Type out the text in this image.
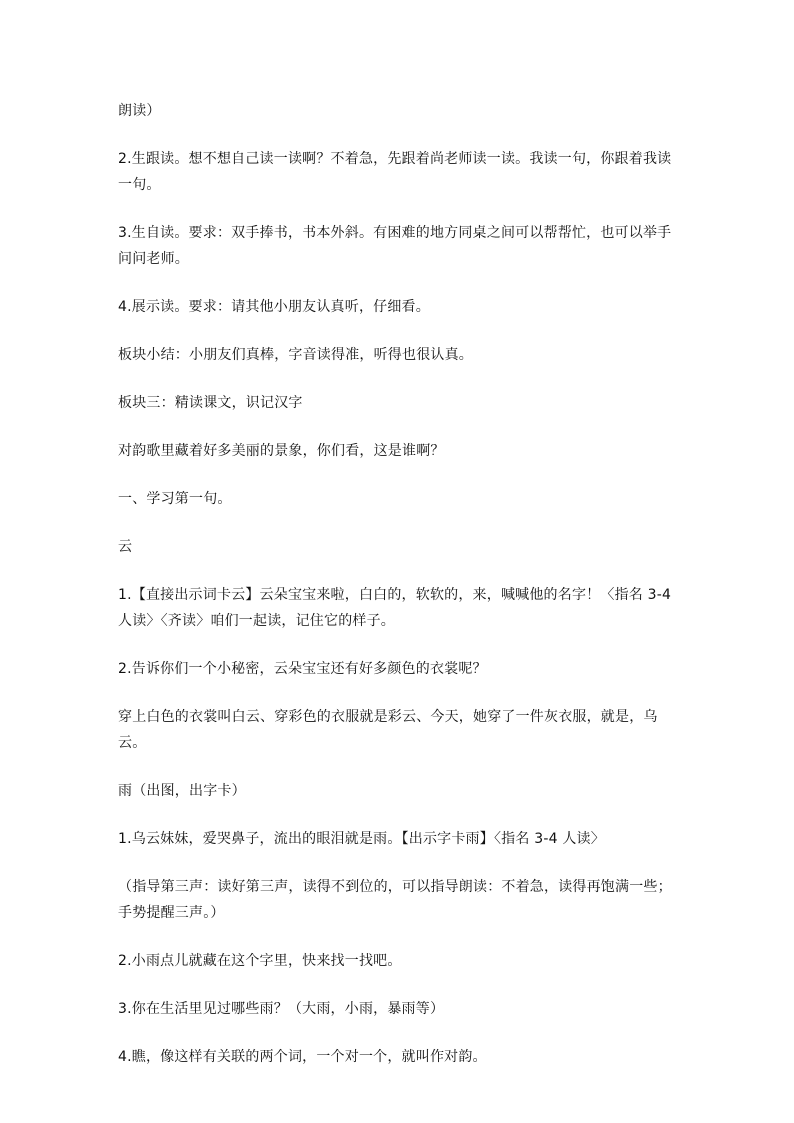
朗读）

2.生跟读。想不想自己读一读啊？不着急，先跟着尚老师读一读。我读一句，你跟着我读一句。

3.生自读。要求：双手捧书，书本外斜。有困难的地方同桌之间可以帮帮忙，也可以举手问问老师。

4.展示读。要求：请其他小朋友认真听，仔细看。

板块小结：小朋友们真棒，字音读得准，听得也很认真。

板块三：精读课文，识记汉字

对韵歌里藏着好多美丽的景象，你们看，这是谁啊？

一、学习第一句。

云

1.【直接出示词卡云】云朵宝宝来啦，白白的，软软的，来，喊喊他的名字！〈指名 3-4 人读〉〈齐读〉咱们一起读，记住它的样子。

2.告诉你们一个小秘密，云朵宝宝还有好多颜色的衣裳呢？

穿上白色的衣裳叫白云、穿彩色的衣服就是彩云、今天，她穿了一件灰衣服，就是，乌云。

雨（出图，出字卡）

1.乌云妹妹，爱哭鼻子，流出的眼泪就是雨。【出示字卡雨】〈指名 3-4 人读〉

（指导第三声：读好第三声，读得不到位的，可以指导朗读：不着急，读得再饱满一些；手势提醒三声。）

2.小雨点儿就藏在这个字里，快来找一找吧。

3.你在生活里见过哪些雨？（大雨，小雨，暴雨等）

4.瞧，像这样有关联的两个词，一个对一个，就叫作对韵。
